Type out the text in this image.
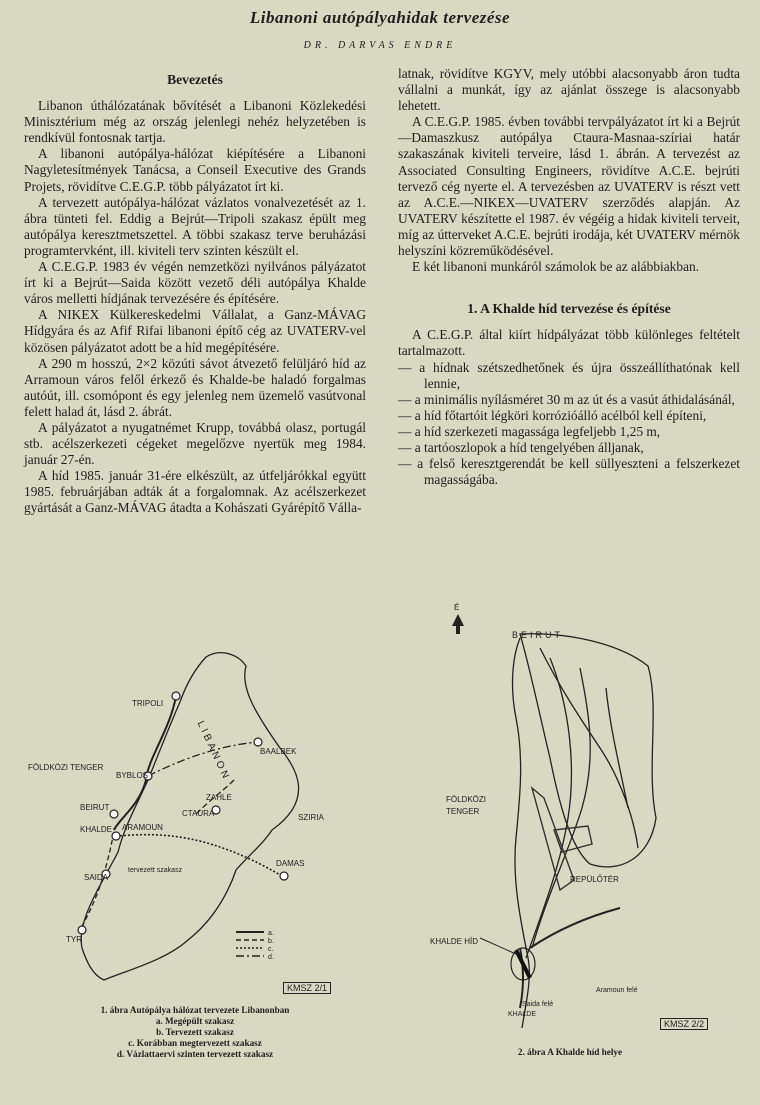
Libanoni autópályahidak tervezése
DR. DARVAS ENDRE
Bevezetés

Libanon úthálózatának bővítését a Libanoni Közlekedési Minisztérium még az ország jelenlegi nehéz helyzetében is rendkívül fontosnak tartja.

A libanoni autópálya-hálózat kiépítésére a Libanoni Nagyletesítmények Tanácsa, a Conseil Executive des Grands Projets, rövidítve C.E.G.P. több pályázatot írt ki.

A tervezett autópálya-hálózat vázlatos vonalvezetését az 1. ábra tünteti fel. Eddig a Bejrút—Tripoli szakasz épült meg autópálya keresztmetszettel. A többi szakasz terve beruházási programtervként, ill. kiviteli terv szinten készült el.

A C.E.G.P. 1983 év végén nemzetközi nyilvános pályázatot írt ki a Bejrút—Saida között vezető déli autópálya Khalde város melletti hídjának tervezésére és építésére.

A NIKEX Külkereskedelmi Vállalat, a Ganz-MÁVAG Hídgyára és az Afif Rifai libanoni építő cég az UVATERV-vel közösen pályázatot adott be a híd megépítésére.

A 290 m hosszú, 2×2 közúti sávot átvezető felüljáró híd az Arramoun város felől érkező és Khalde-be haladó forgalmas autóút, ill. csomópont és egy jelenleg nem üzemelő vasútvonal felett halad át, lásd 2. ábrát.

A pályázatot a nyugatnémet Krupp, továbbá olasz, portugál stb. acélszerkezeti cégeket megelőzve nyertük meg 1984. január 27-én.

A híd 1985. január 31-ére elkészült, az útfeljárókkal együtt 1985. februárjában adták át a forgalomnak. Az acélszerkezet gyártását a Ganz-MÁVAG átadta a Kohászati Gyárépítő Válla-

latnak, rövidítve KGYV, mely utóbbi alacsonyabb áron tudta vállalni a munkát, így az ajánlat összege is alacsonyabb lehetett.

A C.E.G.P. 1985. évben további tervpályázatot írt ki a Bejrút—Damaszkusz autópálya Ctaura-Masnaa-szíriai határ szakaszának kiviteli terveire, lásd 1. ábrán. A tervezést az Associated Consulting Engineers, rövidítve A.C.E. bejrúti tervező cég nyerte el. A tervezésben az UVATERV is részt vett az A.C.E.—NIKEX—UVATERV szerződés alapján. Az UVATERV készítette el 1987. év végéig a hidak kiviteli terveit, míg az útterveket A.C.E. bejrúti irodája, két UVATERV mérnök helyszíni közreműködésével.

E két libanoni munkáról számolok be az alábbiakban.

1. A Khalde híd tervezése és építése

A C.E.G.P. által kiírt hídpályázat több különleges feltételt tartalmazott.

— a hídnak szétszedhetőnek és újra összeállíthatónak kell lennie,

— a minimális nyílásméret 30 m az út és a vasút áthidalásánál,

— a híd főtartóit légköri korrózióálló acélból kell építeni,

— a híd szerkezeti magassága legfeljebb 1,25 m,

— a tartóoszlopok a híd tengelyében álljanak,

— a felső keresztgerendát be kell süllyeszteni a felszerkezet magasságába.

TRIPOLI
LIBANON
FÖLDKÖZI TENGER
BYBLOS
BAALBEK
ZAHLE
CTAURA	SZIRIA
BEIRUT
KHALDE ARAMOUN
DAMAS
SAIDA
tervezett szakasz
TYR
a.
b.
c.
d.
KMSZ 2/1
1. ábra Autópálya hálózat tervezete Libanonban
a. Megépült szakasz
b. Tervezett szakasz
c. Korábban megtervezett szakasz
d. Vázlattaervi szinten tervezett szakasz
É
BEIRUT
FÖLDKÖZI
TENGER
REPÜLŐTÉR
KHALDE HÍD
Aramoun felé
Saida felé
KHALDE
KMSZ 2/2
2. ábra A Khalde híd helye
